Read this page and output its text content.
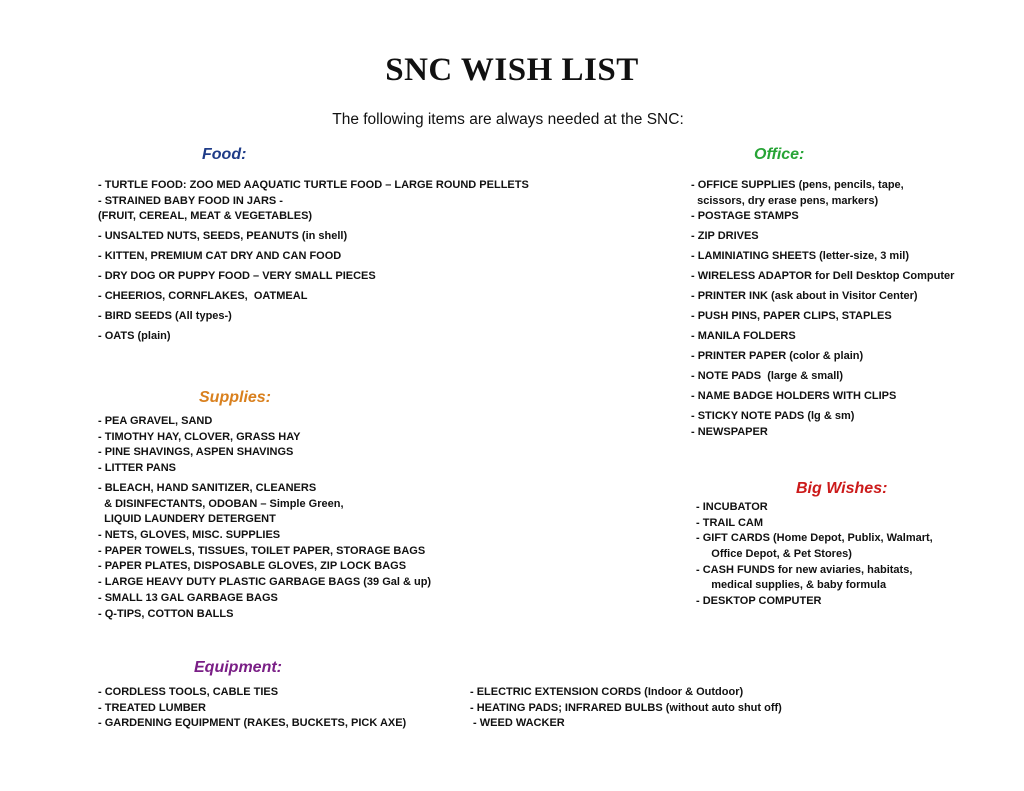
SNC WISH LIST
The following items are always needed at the SNC:
Food:
- TURTLE FOOD: ZOO MED AAQUATIC TURTLE FOOD – LARGE ROUND PELLETS
- STRAINED BABY FOOD IN JARS -
(FRUIT, CEREAL, MEAT & VEGETABLES)
- UNSALTED NUTS, SEEDS, PEANUTS (in shell)
- KITTEN, PREMIUM CAT DRY AND CAN FOOD
- DRY DOG OR PUPPY FOOD – VERY SMALL PIECES
- CHEERIOS, CORNFLAKES,  OATMEAL
- BIRD SEEDS (All types-)
- OATS (plain)
Office:
- OFFICE SUPPLIES (pens, pencils, tape,
scissors, dry erase pens, markers)
- POSTAGE STAMPS
- ZIP DRIVES
- LAMINIATING SHEETS (letter-size, 3 mil)
- WIRELESS ADAPTOR for Dell Desktop Computer
- PRINTER INK (ask about in Visitor Center)
- PUSH PINS, PAPER CLIPS, STAPLES
- MANILA FOLDERS
- PRINTER PAPER (color & plain)
- NOTE PADS  (large & small)
- NAME BADGE HOLDERS WITH CLIPS
- STICKY NOTE PADS (lg & sm)
- NEWSPAPER
Supplies:
- PEA GRAVEL, SAND
- TIMOTHY HAY, CLOVER, GRASS HAY
- PINE SHAVINGS, ASPEN SHAVINGS
- LITTER PANS
- BLEACH, HAND SANITIZER, CLEANERS
& DISINFECTANTS, ODOBAN – Simple Green,
LIQUID LAUNDERY DETERGENT
- NETS, GLOVES, MISC. SUPPLIES
- PAPER TOWELS, TISSUES, TOILET PAPER, STORAGE BAGS
- PAPER PLATES, DISPOSABLE GLOVES, ZIP LOCK BAGS
- LARGE HEAVY DUTY PLASTIC GARBAGE BAGS (39 Gal & up)
- SMALL 13 GAL GARBAGE BAGS
- Q-TIPS, COTTON BALLS
Big Wishes:
- INCUBATOR
- TRAIL CAM
- GIFT CARDS (Home Depot, Publix, Walmart,
Office Depot, & Pet Stores)
- CASH FUNDS for new aviaries, habitats,
medical supplies, & baby formula
- DESKTOP COMPUTER
Equipment:
- CORDLESS TOOLS, CABLE TIES
- TREATED LUMBER
- GARDENING EQUIPMENT (RAKES, BUCKETS, PICK AXE)
- ELECTRIC EXTENSION CORDS (Indoor & Outdoor)
- HEATING PADS; INFRARED BULBS (without auto shut off)
- WEED WACKER
